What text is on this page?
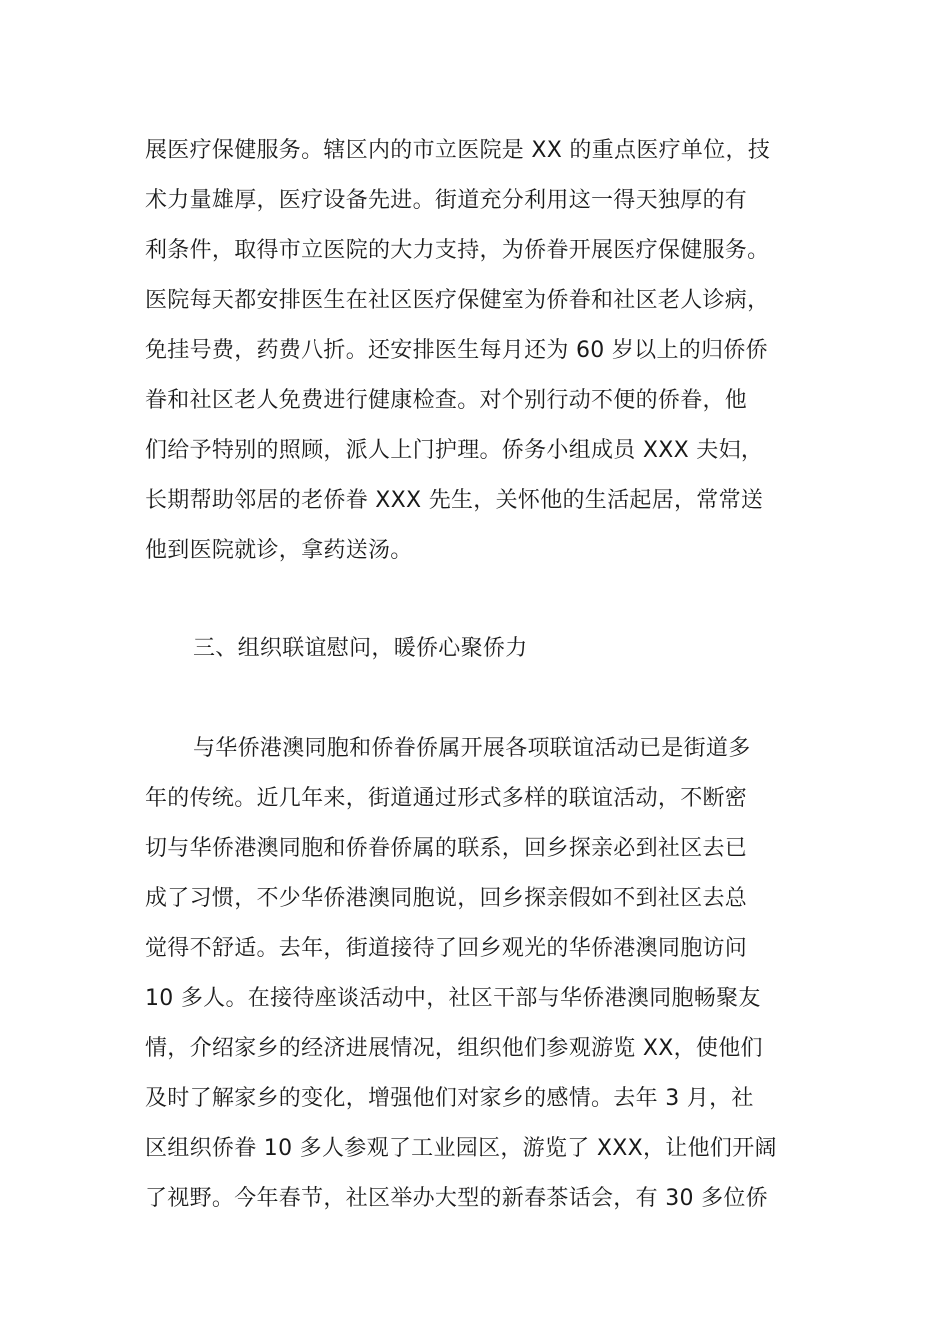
展医疗保健服务。辖区内的市立医院是 XX 的重点医疗单位，技
术力量雄厚，医疗设备先进。街道充分利用这一得天独厚的有
利条件，取得市立医院的大力支持，为侨眷开展医疗保健服务。
医院每天都安排医生在社区医疗保健室为侨眷和社区老人诊病，
免挂号费，药费八折。还安排医生每月还为 60 岁以上的归侨侨
眷和社区老人免费进行健康检查。对个别行动不便的侨眷，他
们给予特别的照顾，派人上门护理。侨务小组成员 XXX 夫妇，
长期帮助邻居的老侨眷 XXX 先生，关怀他的生活起居，常常送
他到医院就诊，拿药送汤。
三、组织联谊慰问，暖侨心聚侨力
与华侨港澳同胞和侨眷侨属开展各项联谊活动已是街道多
年的传统。近几年来，街道通过形式多样的联谊活动，不断密
切与华侨港澳同胞和侨眷侨属的联系，回乡探亲必到社区去已
成了习惯，不少华侨港澳同胞说，回乡探亲假如不到社区去总
觉得不舒适。去年，街道接待了回乡观光的华侨港澳同胞访问
10 多人。在接待座谈活动中，社区干部与华侨港澳同胞畅聚友
情，介绍家乡的经济进展情况，组织他们参观游览 XX，使他们
及时了解家乡的变化，增强他们对家乡的感情。去年 3 月，社
区组织侨眷 10 多人参观了工业园区，游览了 XXX，让他们开阔
了视野。今年春节，社区举办大型的新春茶话会，有 30 多位侨
